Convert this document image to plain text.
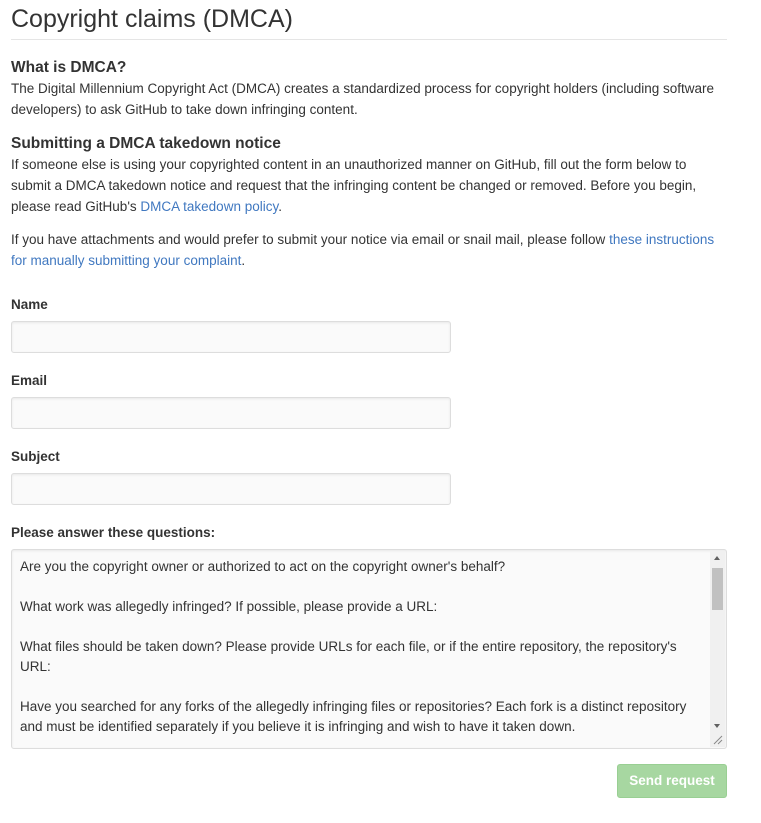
Copyright claims (DMCA)
What is DMCA?

The Digital Millennium Copyright Act (DMCA) creates a standardized process for copyright holders (including software developers) to ask GitHub to take down infringing content.

Submitting a DMCA takedown notice

If someone else is using your copyrighted content in an unauthorized manner on GitHub, fill out the form below to submit a DMCA takedown notice and request that the infringing content be changed or removed. Before you begin, please read GitHub's DMCA takedown policy.

If you have attachments and would prefer to submit your notice via email or snail mail, please follow these instructions for manually submitting your complaint.

Name
Email
Subject
Please answer these questions:
Are you the copyright owner or authorized to act on the copyright owner's behalf?
What work was allegedly infringed? If possible, please provide a URL:
What files should be taken down? Please provide URLs for each file, or if the entire repository, the repository's URL:
Have you searched for any forks of the allegedly infringing files or repositories? Each fork is a distinct repository and must be identified separately if you believe it is infringing and wish to have it taken down.
Send request
